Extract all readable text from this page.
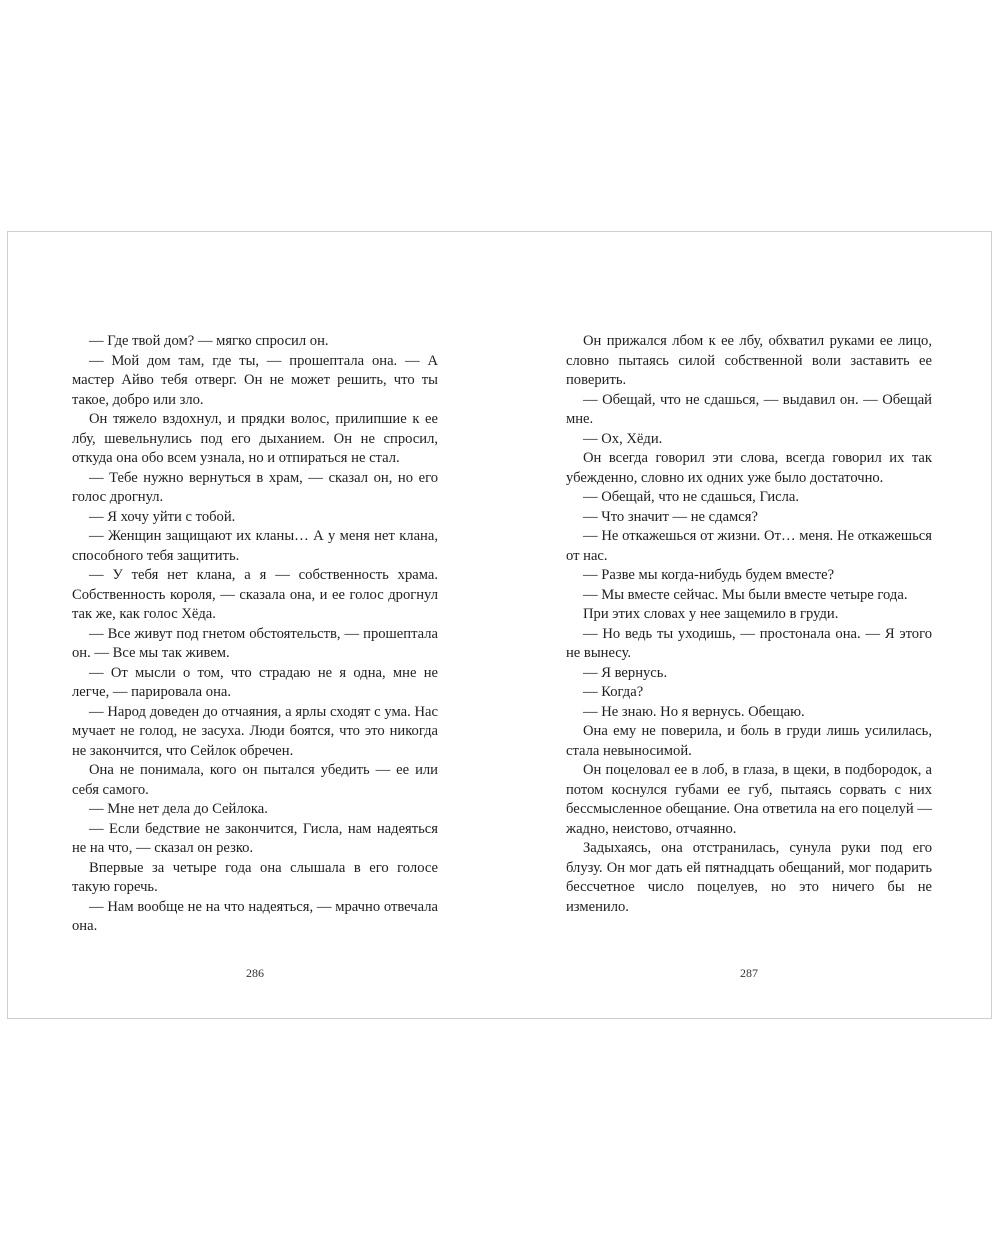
— Где твой дом? — мягко спросил он.

— Мой дом там, где ты, — прошептала она. — А мастер Айво тебя отверг. Он не может решить, что ты такое, добро или зло.

Он тяжело вздохнул, и прядки волос, прилипшие к ее лбу, шевельнулись под его дыханием. Он не спросил, откуда она обо всем узнала, но и отпираться не стал.

— Тебе нужно вернуться в храм, — сказал он, но его голос дрогнул.

— Я хочу уйти с тобой.

— Женщин защищают их кланы… А у меня нет клана, способного тебя защитить.

— У тебя нет клана, а я — собственность храма. Собственность короля, — сказала она, и ее голос дрогнул так же, как голос Хёда.

— Все живут под гнетом обстоятельств, — прошептала он. — Все мы так живем.

— От мысли о том, что страдаю не я одна, мне не легче, — парировала она.

— Народ доведен до отчаяния, а ярлы сходят с ума. Нас мучает не голод, не засуха. Люди боятся, что это никогда не закончится, что Сейлок обречен.

Она не понимала, кого он пытался убедить — ее или себя самого.

— Мне нет дела до Сейлока.

— Если бедствие не закончится, Гисла, нам надеяться не на что, — сказал он резко.

Впервые за четыре года она слышала в его голосе такую горечь.

— Нам вообще не на что надеяться, — мрачно отвечала она.

Он прижался лбом к ее лбу, обхватил руками ее лицо, словно пытаясь силой собственной воли застaвить ее поверить.

— Обещай, что не сдашься, — выдавил он. — Обещай мне.

— Ох, Хёди.

Он всегда говорил эти слова, всегда говорил их так убежденно, словно их одних уже было достаточно.

— Обещай, что не сдашься, Гисла.

— Что значит — не сдамся?

— Не откажешься от жизни. От… меня. Не откажешься от нас.

— Разве мы когда-нибудь будем вместе?

— Мы вместе сейчас. Мы были вместе четыре года.

При этих словах у нее защемило в груди.

— Но ведь ты уходишь, — простонала она. — Я этого не вынесу.

— Я вернусь.

— Когда?

— Не знаю. Но я вернусь. Обещаю.

Она ему не поверила, и боль в груди лишь усилилась, стала невыносимой.

Он поцеловал ее в лоб, в глаза, в щеки, в подбородок, а потом коснулся губами ее губ, пытаясь сорвать с них бессмысленное обещание. Она ответила на его поцелуй — жадно, неистово, отчаянно.

Задыхаясь, она отстранилась, сунула руки под его блузу. Он мог дать ей пятнадцать обещаний, мог подарить бессчетное число поцелуев, но это ничего бы не изменило.

286	287
